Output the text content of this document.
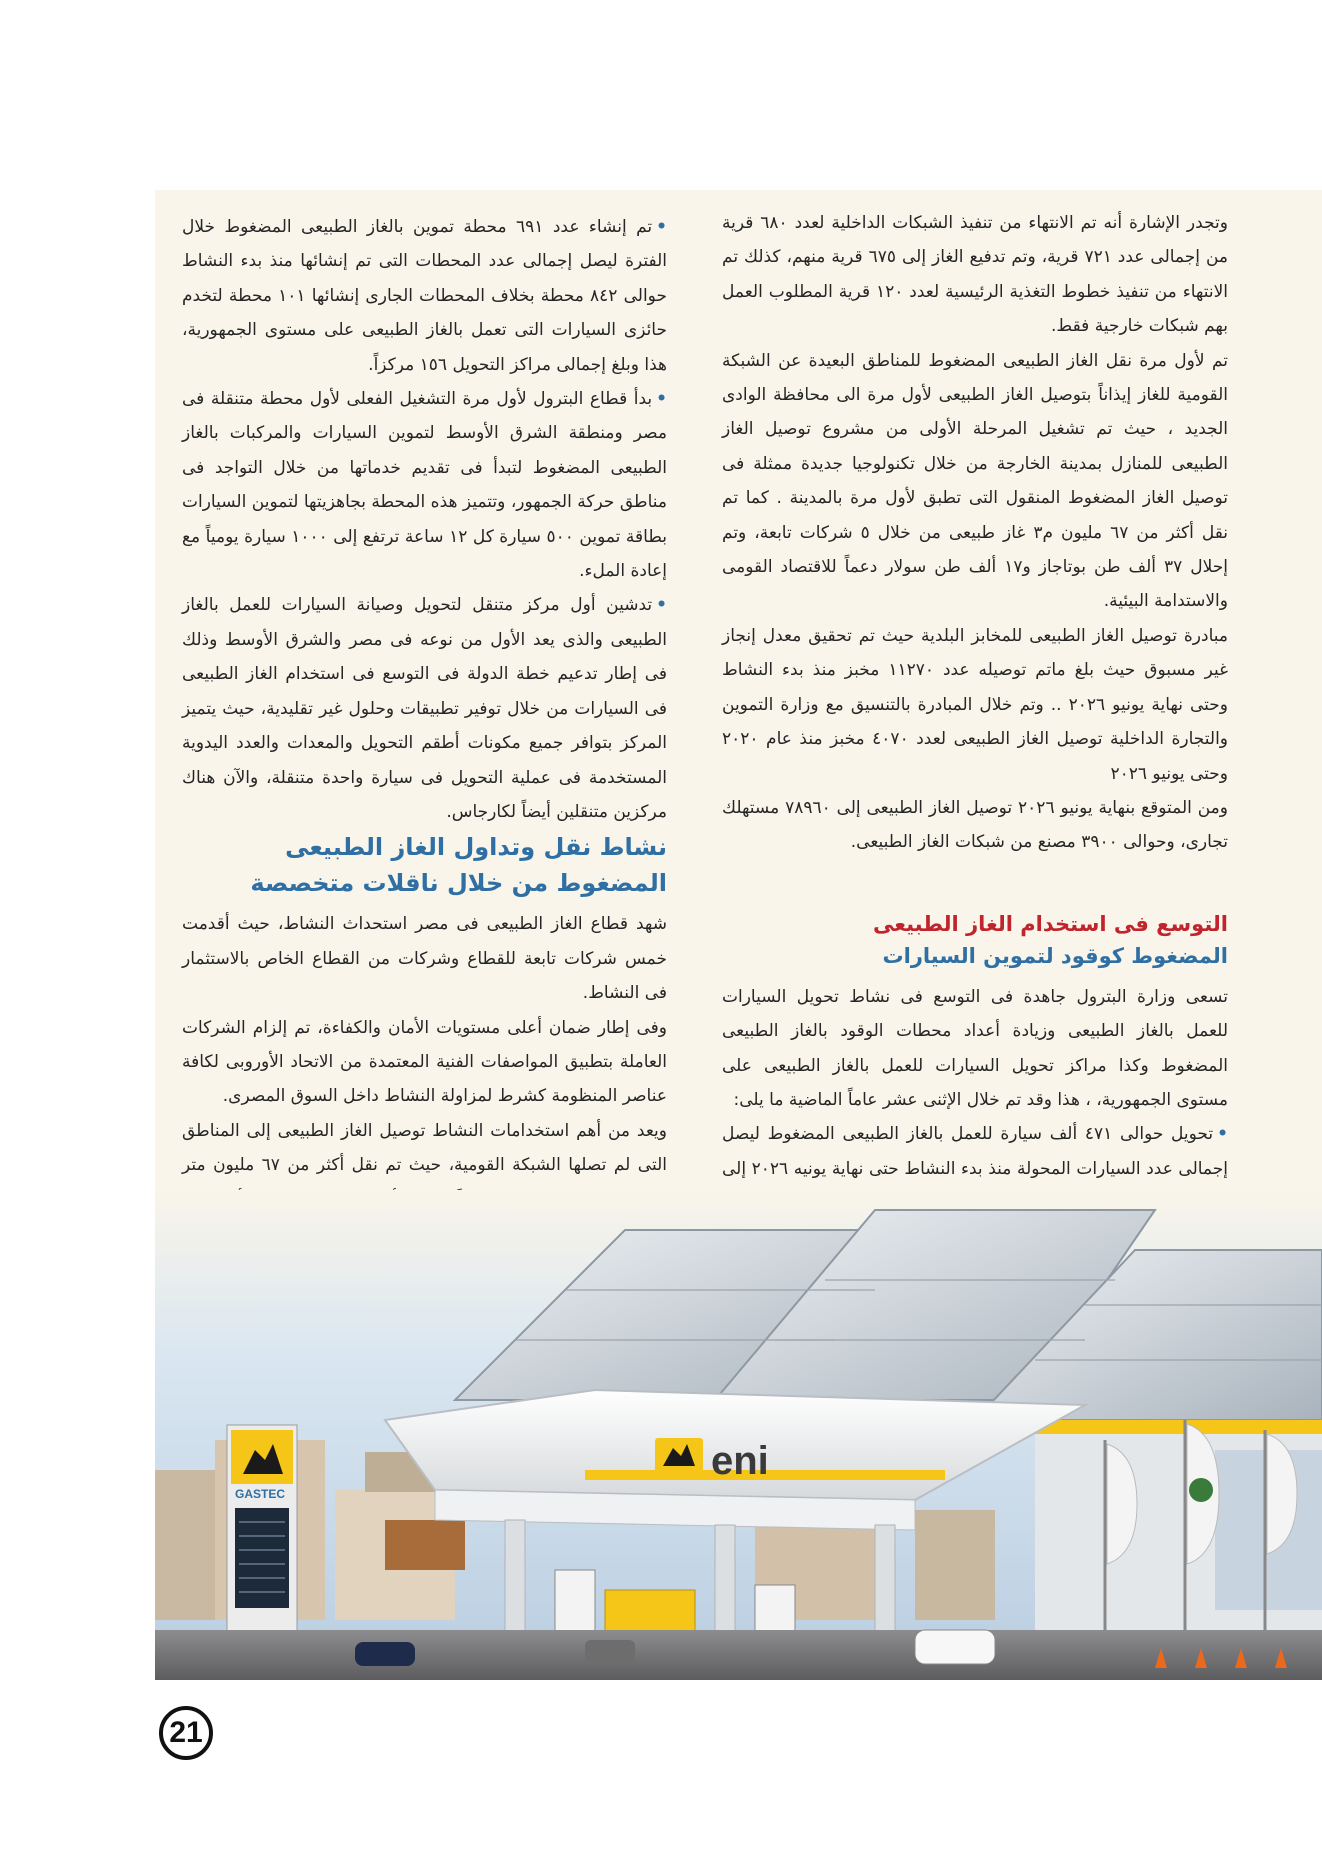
وتجدر الإشارة أنه تم الانتهاء من تنفيذ الشبكات الداخلية لعدد ٦٨٠ قرية من إجمالى عدد ٧٢١ قرية، وتم تدفيع الغاز إلى ٦٧٥ قرية منهم، كذلك تم الانتهاء من تنفيذ خطوط التغذية الرئيسية لعدد ١٢٠ قرية المطلوب العمل بهم شبكات خارجية فقط.

تم لأول مرة نقل الغاز الطبيعى المضغوط للمناطق البعيدة عن الشبكة القومية للغاز إيذاناً بتوصيل الغاز الطبيعى لأول مرة الى محافظة الوادى الجديد ، حيث تم تشغيل المرحلة الأولى من مشروع توصيل الغاز الطبيعى للمنازل بمدينة الخارجة من خلال تكنولوجيا جديدة ممثلة فى توصيل الغاز المضغوط المنقول التى تطبق لأول مرة بالمدينة . كما تم نقل أكثر من ٦٧ مليون م٣ غاز طبيعى من خلال ٥ شركات تابعة، وتم إحلال ٣٧ ألف طن بوتاجاز و١٧ ألف طن سولار دعماً للاقتصاد القومى والاستدامة البيئية.

مبادرة توصيل الغاز الطبيعى للمخابز البلدية حيث تم تحقيق معدل إنجاز غير مسبوق حيث بلغ ماتم توصيله عدد ١١٢٧٠ مخبز منذ بدء النشاط وحتى نهاية يونيو ٢٠٢٦ .. وتم خلال المبادرة بالتنسيق مع وزارة التموين والتجارة الداخلية توصيل الغاز الطبيعى لعدد ٤٠٧٠ مخبز منذ عام ٢٠٢٠ وحتى يونيو ٢٠٢٦

ومن المتوقع بنهاية يونيو ٢٠٢٦ توصيل الغاز الطبيعى إلى ٧٨٩٦٠ مستهلك تجارى، وحوالى ٣٩٠٠ مصنع من شبكات الغاز الطبيعى.

التوسع فى استخدام الغاز الطبيعى

المضغوط كوقود لتموين السيارات

تسعى وزارة البترول جاهدة فى التوسع فى نشاط تحويل السيارات للعمل بالغاز الطبيعى وزيادة أعداد محطات الوقود بالغاز الطبيعى المضغوط وكذا مراكز تحويل السيارات للعمل بالغاز الطبيعى على مستوى الجمهورية، ، هذا وقد تم خلال الإثنى عشر عاماً الماضية ما يلى:

•تحويل حوالى ٤٧١ ألف سيارة للعمل بالغاز الطبيعى المضغوط ليصل إجمالى عدد السيارات المحولة منذ بدء النشاط حتى نهاية يونيه ٢٠٢٦ إلى

•تم إنشاء عدد ٦٩١ محطة تموين بالغاز الطبيعى المضغوط خلال الفترة ليصل إجمالى عدد المحطات التى تم إنشائها منذ بدء النشاط حوالى ٨٤٢ محطة بخلاف المحطات الجارى إنشائها ١٠١ محطة لتخدم حائزى السيارات التى تعمل بالغاز الطبيعى على مستوى الجمهورية، هذا وبلغ إجمالى مراكز التحويل ١٥٦ مركزاً.

•بدأ قطاع البترول لأول مرة التشغيل الفعلى لأول محطة متنقلة فى مصر ومنطقة الشرق الأوسط لتموين السيارات والمركبات بالغاز الطبيعى المضغوط لتبدأ فى تقديم خدماتها من خلال التواجد فى مناطق حركة الجمهور، وتتميز هذه المحطة بجاهزيتها لتموين السيارات بطاقة تموين ٥٠٠ سيارة كل ١٢ ساعة ترتفع إلى ١٠٠٠ سيارة يومياً مع إعادة الملء.

•تدشين أول مركز متنقل لتحويل وصيانة السيارات للعمل بالغاز الطبيعى والذى يعد الأول من نوعه فى مصر والشرق الأوسط وذلك فى إطار تدعيم خطة الدولة فى التوسع فى استخدام الغاز الطبيعى فى السيارات من خلال توفير تطبيقات وحلول غير تقليدية، حيث يتميز المركز بتوافر جميع مكونات أطقم التحويل والمعدات والعدد اليدوية المستخدمة فى عملية التحويل فى سيارة واحدة متنقلة، والآن هناك مركزين متنقلين أيضاً لكارجاس.

نشاط نقل وتداول الغاز الطبيعى المضغوط من خلال ناقلات متخصصة

شهد قطاع الغاز الطبيعى فى مصر استحداث النشاط، حيث أقدمت خمس شركات تابعة للقطاع وشركات من القطاع الخاص بالاستثمار فى النشاط.

وفى إطار ضمان أعلى مستويات الأمان والكفاءة، تم إلزام الشركات العاملة بتطبيق المواصفات الفنية المعتمدة من الاتحاد الأوروبى لكافة عناصر المنظومة كشرط لمزاولة النشاط داخل السوق المصرى.

ويعد من أهم استخدامات النشاط توصيل الغاز الطبيعى إلى المناطق التى لم تصلها الشبكة القومية، حيث تم نقل أكثر من ٦٧ مليون متر

eni
GASTEC
21
